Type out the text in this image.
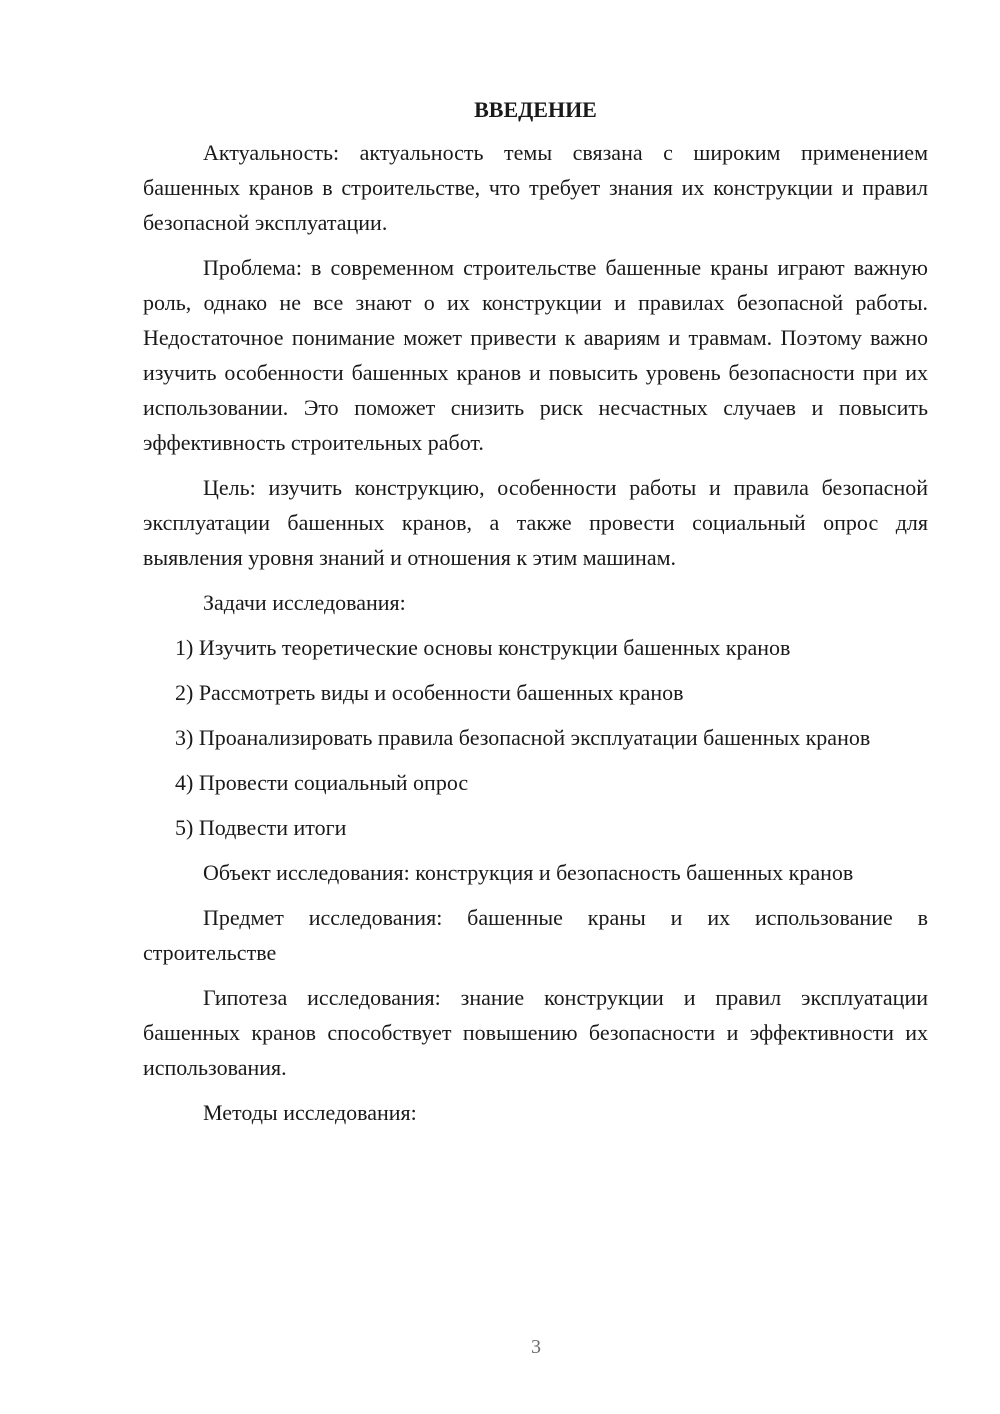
ВВЕДЕНИЕ

Актуальность: актуальность темы связана с широким применением башенных кранов в строительстве, что требует знания их конструкции и правил безопасной эксплуатации.

Проблема: в современном строительстве башенные краны играют важную роль, однако не все знают о их конструкции и правилах безопасной работы. Недостаточное понимание может привести к авариям и травмам. Поэтому важно изучить особенности башенных кранов и повысить уровень безопасности при их использовании. Это поможет снизить риск несчастных случаев и повысить эффективность строительных работ.

Цель: изучить конструкцию, особенности работы и правила безопасной эксплуатации башенных кранов, а также провести социальный опрос для выявления уровня знаний и отношения к этим машинам.

Задачи исследования:

1) Изучить теоретические основы конструкции башенных кранов

2) Рассмотреть виды и особенности башенных кранов

3) Проанализировать правила безопасной эксплуатации башенных кранов

4) Провести социальный опрос

5) Подвести итоги

Объект исследования: конструкция и безопасность башенных кранов

Предмет исследования: башенные краны и их использование в строительстве

Гипотеза исследования: знание конструкции и правил эксплуатации башенных кранов способствует повышению безопасности и эффективности их использования.

Методы исследования:

3
